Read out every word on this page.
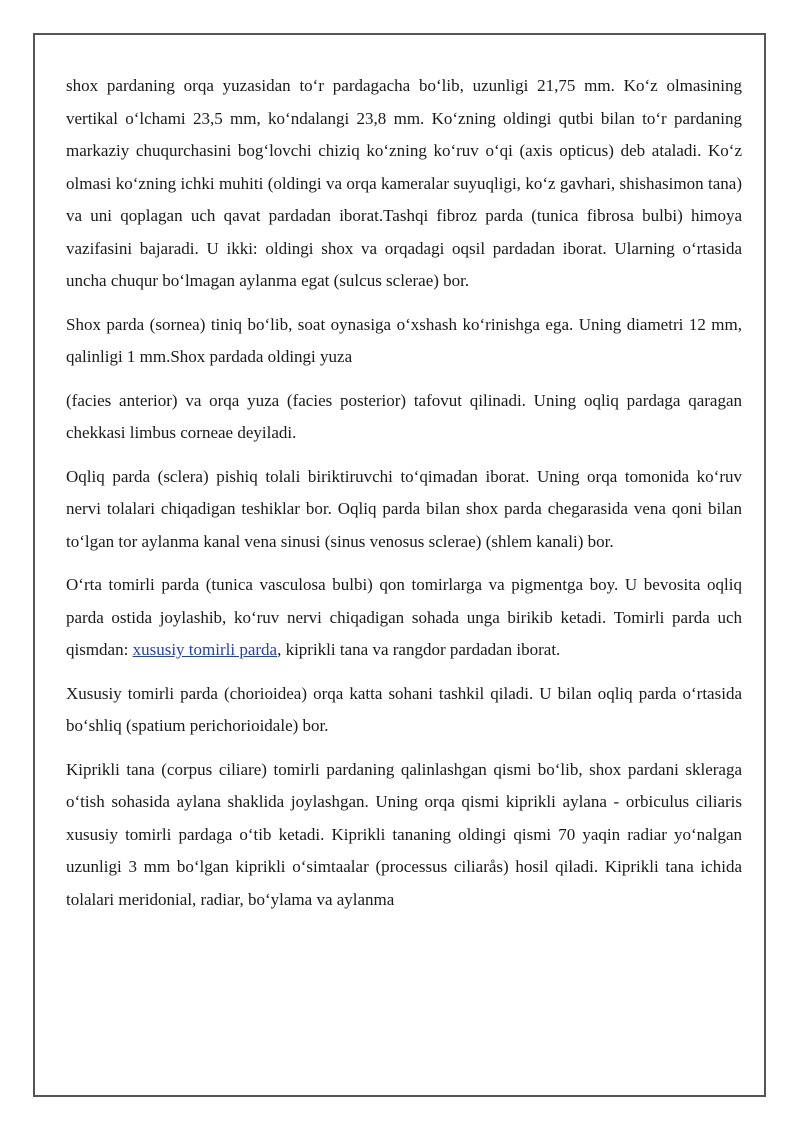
shox pardaning orqa yuzasidan to‘r pardagacha bo‘lib, uzunligi 21,75 mm. Ko‘z olmasining vertikal o‘lchami 23,5 mm, ko‘ndalangi 23,8 mm. Ko‘zning oldingi qutbi bilan to‘r pardaning markaziy chuqurchasini bog‘lovchi chiziq ko‘zning ko‘ruv o‘qi (axis opticus) deb ataladi. Ko‘z olmasi ko‘zning ichki muhiti (oldingi va orqa kameralar suyuqligi, ko‘z gavhari, shishasimon tana) va uni qoplagan uch qavat pardadan iborat.Tashqi fibroz parda (tunica fibrosa bulbi) himoya vazifasini bajaradi. U ikki: oldingi shox va orqadagi oqsil pardadan iborat. Ularning o‘rtasida uncha chuqur bo‘lmagan aylanma egat (sulcus sclerae) bor.

Shox parda (sornea) tiniq bo‘lib, soat oynasiga o‘xshash ko‘rinishga ega. Uning diametri 12 mm, qalinligi 1 mm.Shox pardada oldingi yuza

(facies anterior) va orqa yuza (facies posterior) tafovut qilinadi. Uning oqliq pardaga qaragan chekkasi limbus corneae deyiladi.

Oqliq parda (sclera) pishiq tolali biriktiruvchi to‘qimadan iborat. Uning orqa tomonida ko‘ruv nervi tolalari chiqadigan teshiklar bor. Oqliq parda bilan shox parda chegarasida vena qoni bilan to‘lgan tor aylanma kanal vena sinusi (sinus venosus sclerae) (shlem kanali) bor.

O‘rta tomirli parda (tunica vasculosa bulbi) qon tomirlarga va pigmentga boy. U bevosita oqliq parda ostida joylashib, ko‘ruv nervi chiqadigan sohada unga birikib ketadi. Tomirli parda uch qismdan: xususiy tomirli parda, kiprikli tana va rangdor pardadan iborat.

Xususiy tomirli parda (chorioidea) orqa katta sohani tashkil qiladi. U bilan oqliq parda o‘rtasida bo‘shliq (spatium perichorioidale) bor.

Kiprikli tana (corpus ciliare) tomirli pardaning qalinlashgan qismi bo‘lib, shox pardani skleraga o‘tish sohasida aylana shaklida joylashgan. Uning orqa qismi kiprikli aylana - orbiculus ciliaris xususiy tomirli pardaga o‘tib ketadi. Kiprikli tananing oldingi qismi 70 yaqin radiar yo‘nalgan uzunligi 3 mm bo‘lgan kiprikli o‘simtaalar (processus ciliarås) hosil qiladi. Kiprikli tana ichida tolalari meridonial, radiar, bo‘ylama va aylanma
